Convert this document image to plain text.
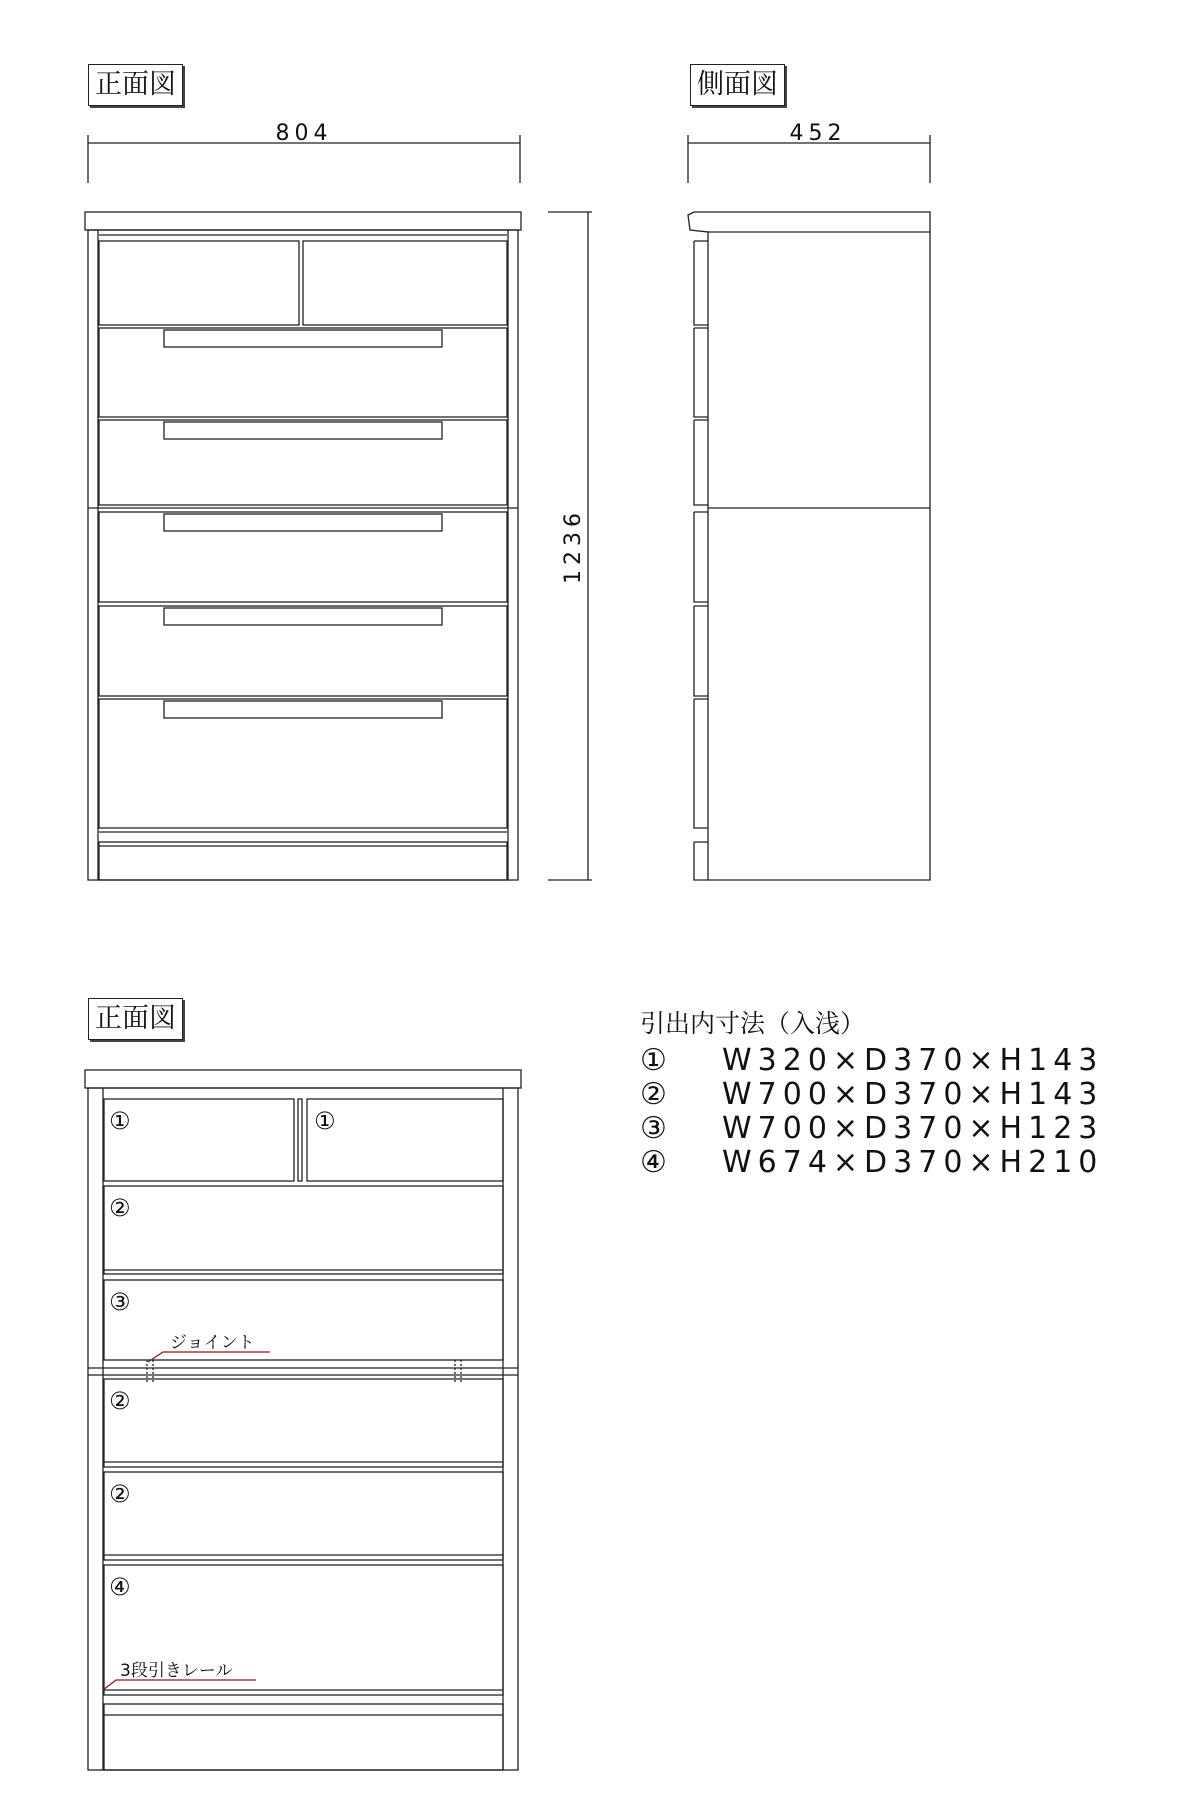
正面図	側面図
正面図
804
1236
452
①	①
②
③
②
②
④
ジョイント
3段引きレール
引出内寸法（入浅）
① W320×D370×H143
② W700×D370×H143
③ W700×D370×H123
④ W674×D370×H210
